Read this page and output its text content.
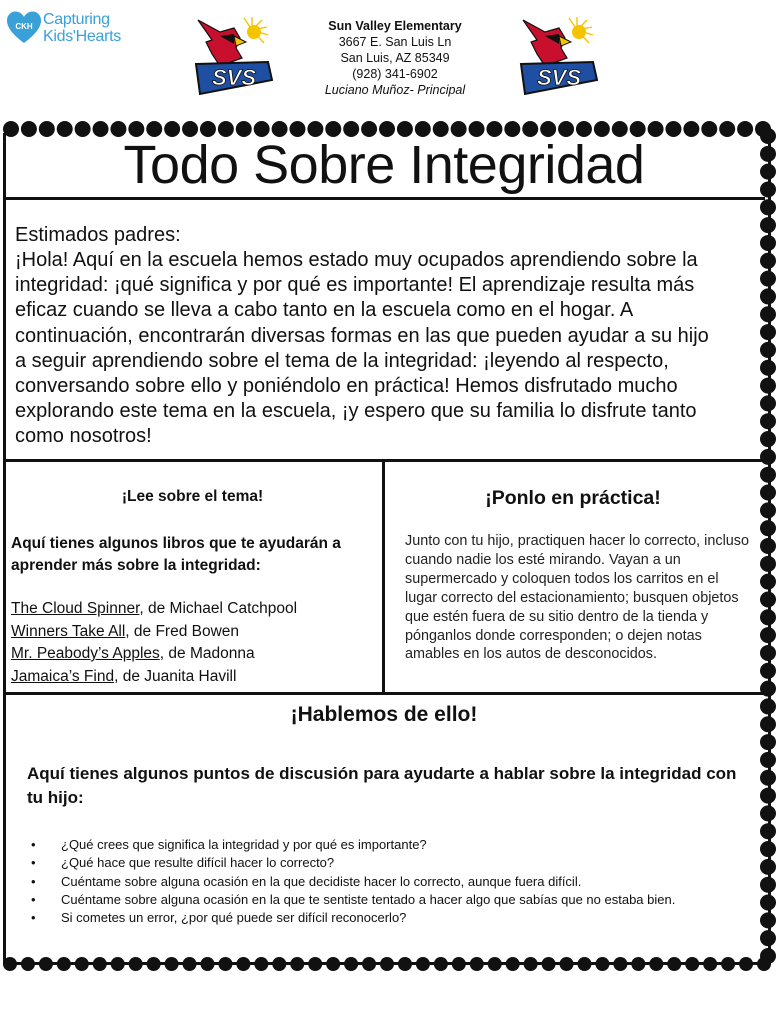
CKH Capturing
Kids'Hearts
SVS
Sun Valley Elementary
3667 E. San Luis Ln
San Luis, AZ 85349
(928) 341-6902
Luciano Muñoz- Principal	SVS
Todo Sobre Integridad
Estimados padres:
¡Hola! Aquí en la escuela hemos estado muy ocupados aprendiendo sobre la integridad: ¡qué significa y por qué es importante! El aprendizaje resulta más eficaz cuando se lleva a cabo tanto en la escuela como en el hogar. A continuación, encontrarán diversas formas en las que pueden ayudar a su hijo a seguir aprendiendo sobre el tema de la integridad: ¡leyendo al respecto, conversando sobre ello y poniéndolo en práctica! Hemos disfrutado mucho explorando este tema en la escuela, ¡y espero que su familia lo disfrute tanto como nosotros!
¡Lee sobre el tema!
Aquí tienes algunos libros que te ayudarán a aprender más sobre la integridad:
The Cloud Spinner, de Michael Catchpool
Winners Take All, de Fred Bowen
Mr. Peabody’s Apples, de Madonna
Jamaica’s Find, de Juanita Havill
¡Ponlo en práctica!
Junto con tu hijo, practiquen hacer lo correcto, incluso cuando nadie los esté mirando. Vayan a un supermercado y coloquen todos los carritos en el lugar correcto del estacionamiento; busquen objetos que estén fuera de su sitio dentro de la tienda y pónganlos donde corresponden; o dejen notas amables en los autos de desconocidos.
¡Hablemos de ello!
Aquí tienes algunos puntos de discusión para ayudarte a hablar sobre la integridad con tu hijo:
• ¿Qué crees que significa la integridad y por qué es importante?
• ¿Qué hace que resulte difícil hacer lo correcto?
• Cuéntame sobre alguna ocasión en la que decidiste hacer lo correcto, aunque fuera difícil.
• Cuéntame sobre alguna ocasión en la que te sentiste tentado a hacer algo que sabías que no estaba bien.
• Si cometes un error, ¿por qué puede ser difícil reconocerlo?
